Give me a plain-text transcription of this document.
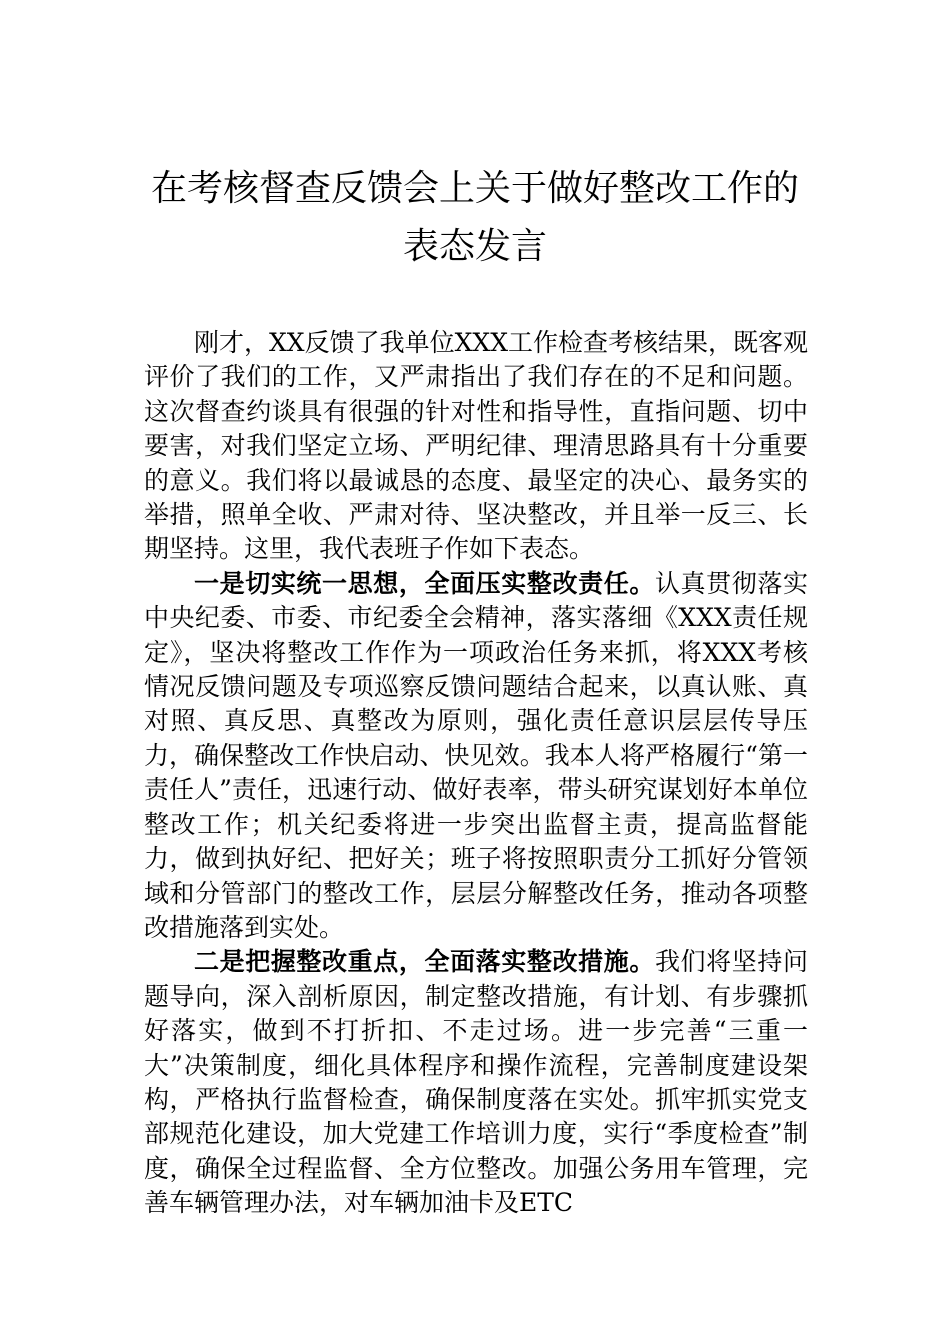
在考核督查反馈会上关于做好整改工作的
表态发言

刚才，XX反馈了我单位XXX工作检查考核结果，既客观评价了我们的工作，又严肃指出了我们存在的不足和问题。这次督查约谈具有很强的针对性和指导性，直指问题、切中要害，对我们坚定立场、严明纪律、理清思路具有十分重要的意义。我们将以最诚恳的态度、最坚定的决心、最务实的举措，照单全收、严肃对待、坚决整改，并且举一反三、长期坚持。这里，我代表班子作如下表态。

一是切实统一思想，全面压实整改责任。认真贯彻落实中央纪委、市委、市纪委全会精神，落实落细《XXX责任规定》，坚决将整改工作作为一项政治任务来抓，将XXX考核情况反馈问题及专项巡察反馈问题结合起来，以真认账、真对照、真反思、真整改为原则，强化责任意识层层传导压力，确保整改工作快启动、快见效。我本人将严格履行“第一责任人”责任，迅速行动、做好表率，带头研究谋划好本单位整改工作；机关纪委将进一步突出监督主责，提高监督能力，做到执好纪、把好关；班子将按照职责分工抓好分管领域和分管部门的整改工作，层层分解整改任务，推动各项整改措施落到实处。

二是把握整改重点，全面落实整改措施。我们将坚持问题导向，深入剖析原因，制定整改措施，有计划、有步骤抓好落实，做到不打折扣、不走过场。进一步完善“三重一大”决策制度，细化具体程序和操作流程，完善制度建设架构，严格执行监督检查，确保制度落在实处。抓牢抓实党支部规范化建设，加大党建工作培训力度，实行“季度检查”制度，确保全过程监督、全方位整改。加强公务用车管理，完善车辆管理办法，对车辆加油卡及ETC
